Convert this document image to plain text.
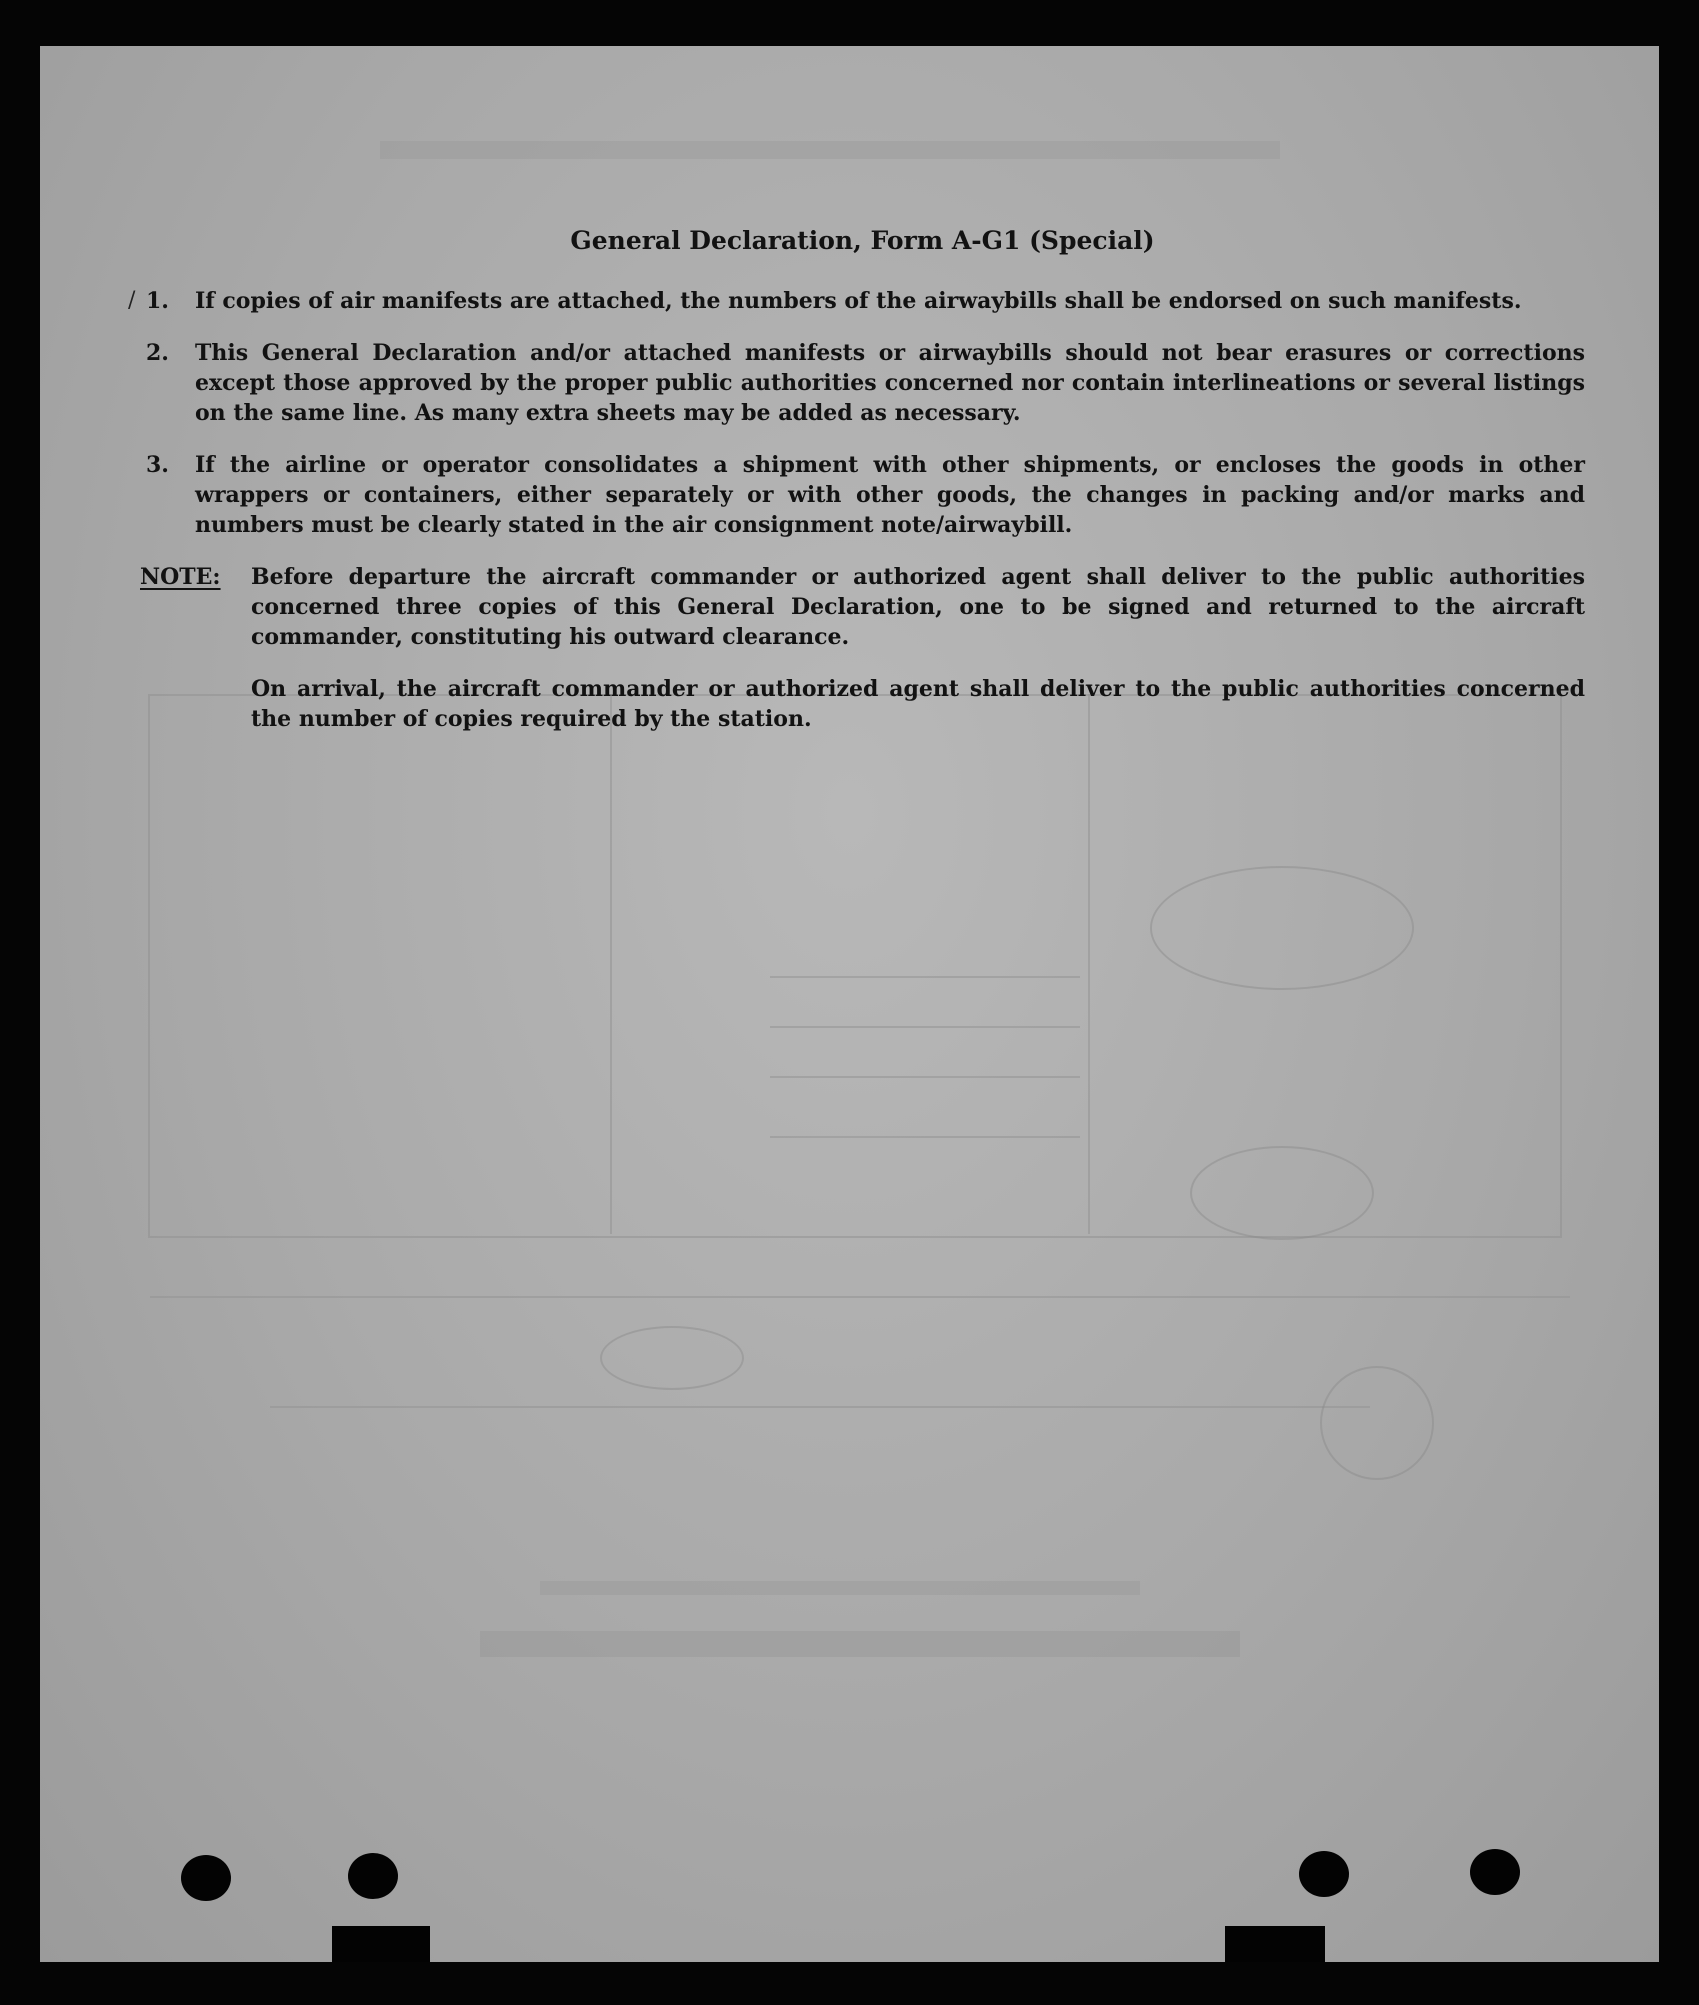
General Declaration, Form A-G1 (Special)
/ 1.	If copies of air manifests are attached, the numbers of the airwaybills shall be endorsed on such manifests.
2.	This General Declaration and/or attached manifests or airwaybills should not bear erasures or corrections except those approved by the proper public authorities concerned nor contain interlineations or several listings on the same line. As many extra sheets may be added as necessary.
3.	If the airline or operator consolidates a shipment with other shipments, or encloses the goods in other wrappers or containers, either separately or with other goods, the changes in packing and/or marks and numbers must be clearly stated in the air consignment note/airwaybill.
NOTE:	Before departure the aircraft commander or authorized agent shall deliver to the public authorities concerned three copies of this General Declaration, one to be signed and returned to the aircraft commander, constituting his outward clearance.

On arrival, the aircraft commander or authorized agent shall deliver to the public authorities concerned the number of copies required by the station.
